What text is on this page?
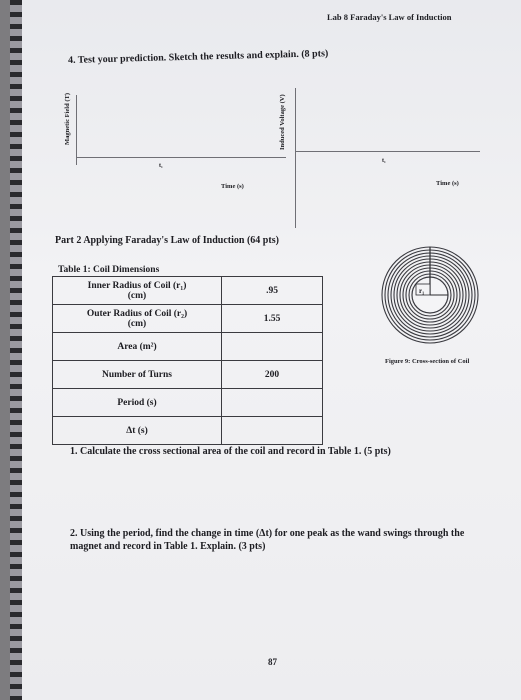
Lab 8 Faraday's Law of Induction
4. Test your prediction. Sketch the results and explain. (8 pts)
Magnetic Field (T)
t₁
Time (s)
Induced Voltage (V)
t₁
Time (s)
Part 2 Applying Faraday's Law of Induction (64 pts)
Table 1: Coil Dimensions
Inner Radius of Coil (r₁)
(cm)	.95

Outer Radius of Coil (r₂)
(cm)	1.55
Area (m²)	
Number of Turns	200
Period (s)	
Δt (s)	
r₁
Figure 9: Cross-section of Coil
1. Calculate the cross sectional area of the coil and record in Table 1. (5 pts)
2. Using the period, find the change in time (Δt) for one peak as the wand swings through the magnet and record in Table 1. Explain. (3 pts)
87
